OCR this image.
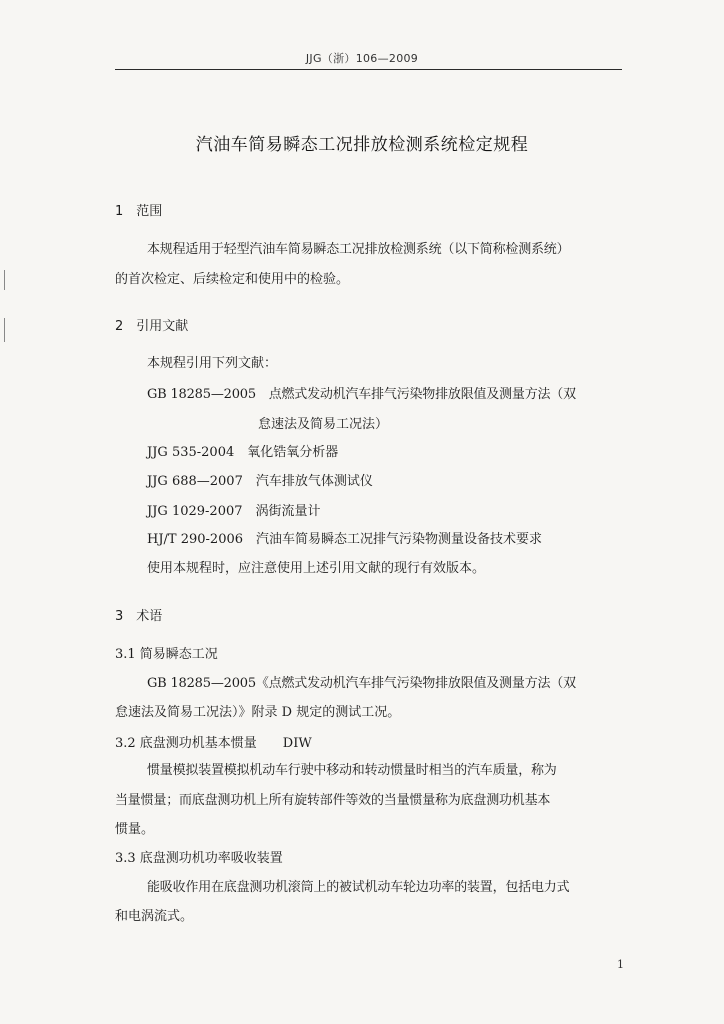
JJG（浙）106—2009
汽油车简易瞬态工况排放检测系统检定规程
1　范围
本规程适用于轻型汽油车简易瞬态工况排放检测系统（以下简称检测系统）
的首次检定、后续检定和使用中的检验。
2　引用文献
本规程引用下列文献：
GB 18285—2005　点燃式发动机汽车排气污染物排放限值及测量方法（双
怠速法及简易工况法）
JJG 535-2004　氧化锆氧分析器
JJG 688—2007　汽车排放气体测试仪
JJG 1029-2007　涡街流量计
HJ/T 290-2006　汽油车简易瞬态工况排气污染物测量设备技术要求
使用本规程时，应注意使用上述引用文献的现行有效版本。
3　术语
3.1 简易瞬态工况
GB 18285—2005《点燃式发动机汽车排气污染物排放限值及测量方法（双
怠速法及简易工况法）》附录 D 规定的测试工况。
3.2 底盘测功机基本惯量　　DIW
惯量模拟装置模拟机动车行驶中移动和转动惯量时相当的汽车质量，称为
当量惯量；而底盘测功机上所有旋转部件等效的当量惯量称为底盘测功机基本
惯量。
3.3 底盘测功机功率吸收装置
能吸收作用在底盘测功机滚筒上的被试机动车轮边功率的装置，包括电力式
和电涡流式。
1
